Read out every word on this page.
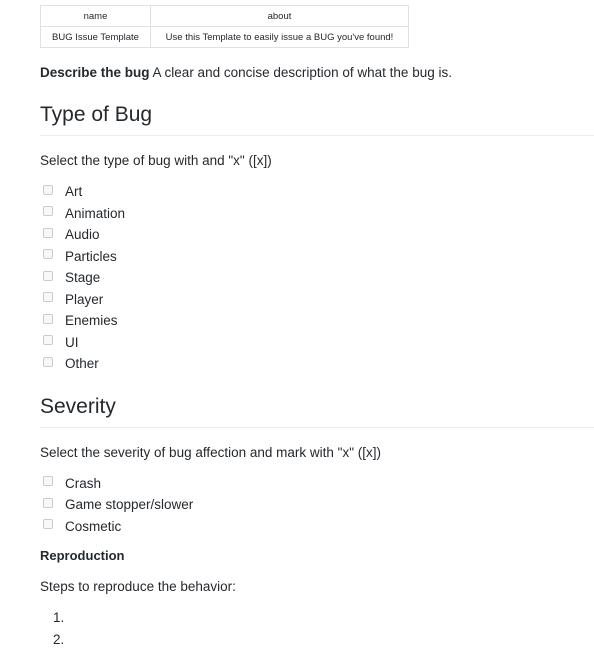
name	about
BUG Issue Template	Use this Template to easily issue a BUG you've found!

Describe the bug A clear and concise description of what the bug is.

Type of Bug

Select the type of bug with and "x" ([x])

Art
Animation
Audio
Particles
Stage
Player
Enemies
UI
Other
Severity

Select the severity of bug affection and mark with "x" ([x])

Crash
Game stopper/slower
Cosmetic
Reproduction

Steps to reproduce the behavior:

1.
2.
